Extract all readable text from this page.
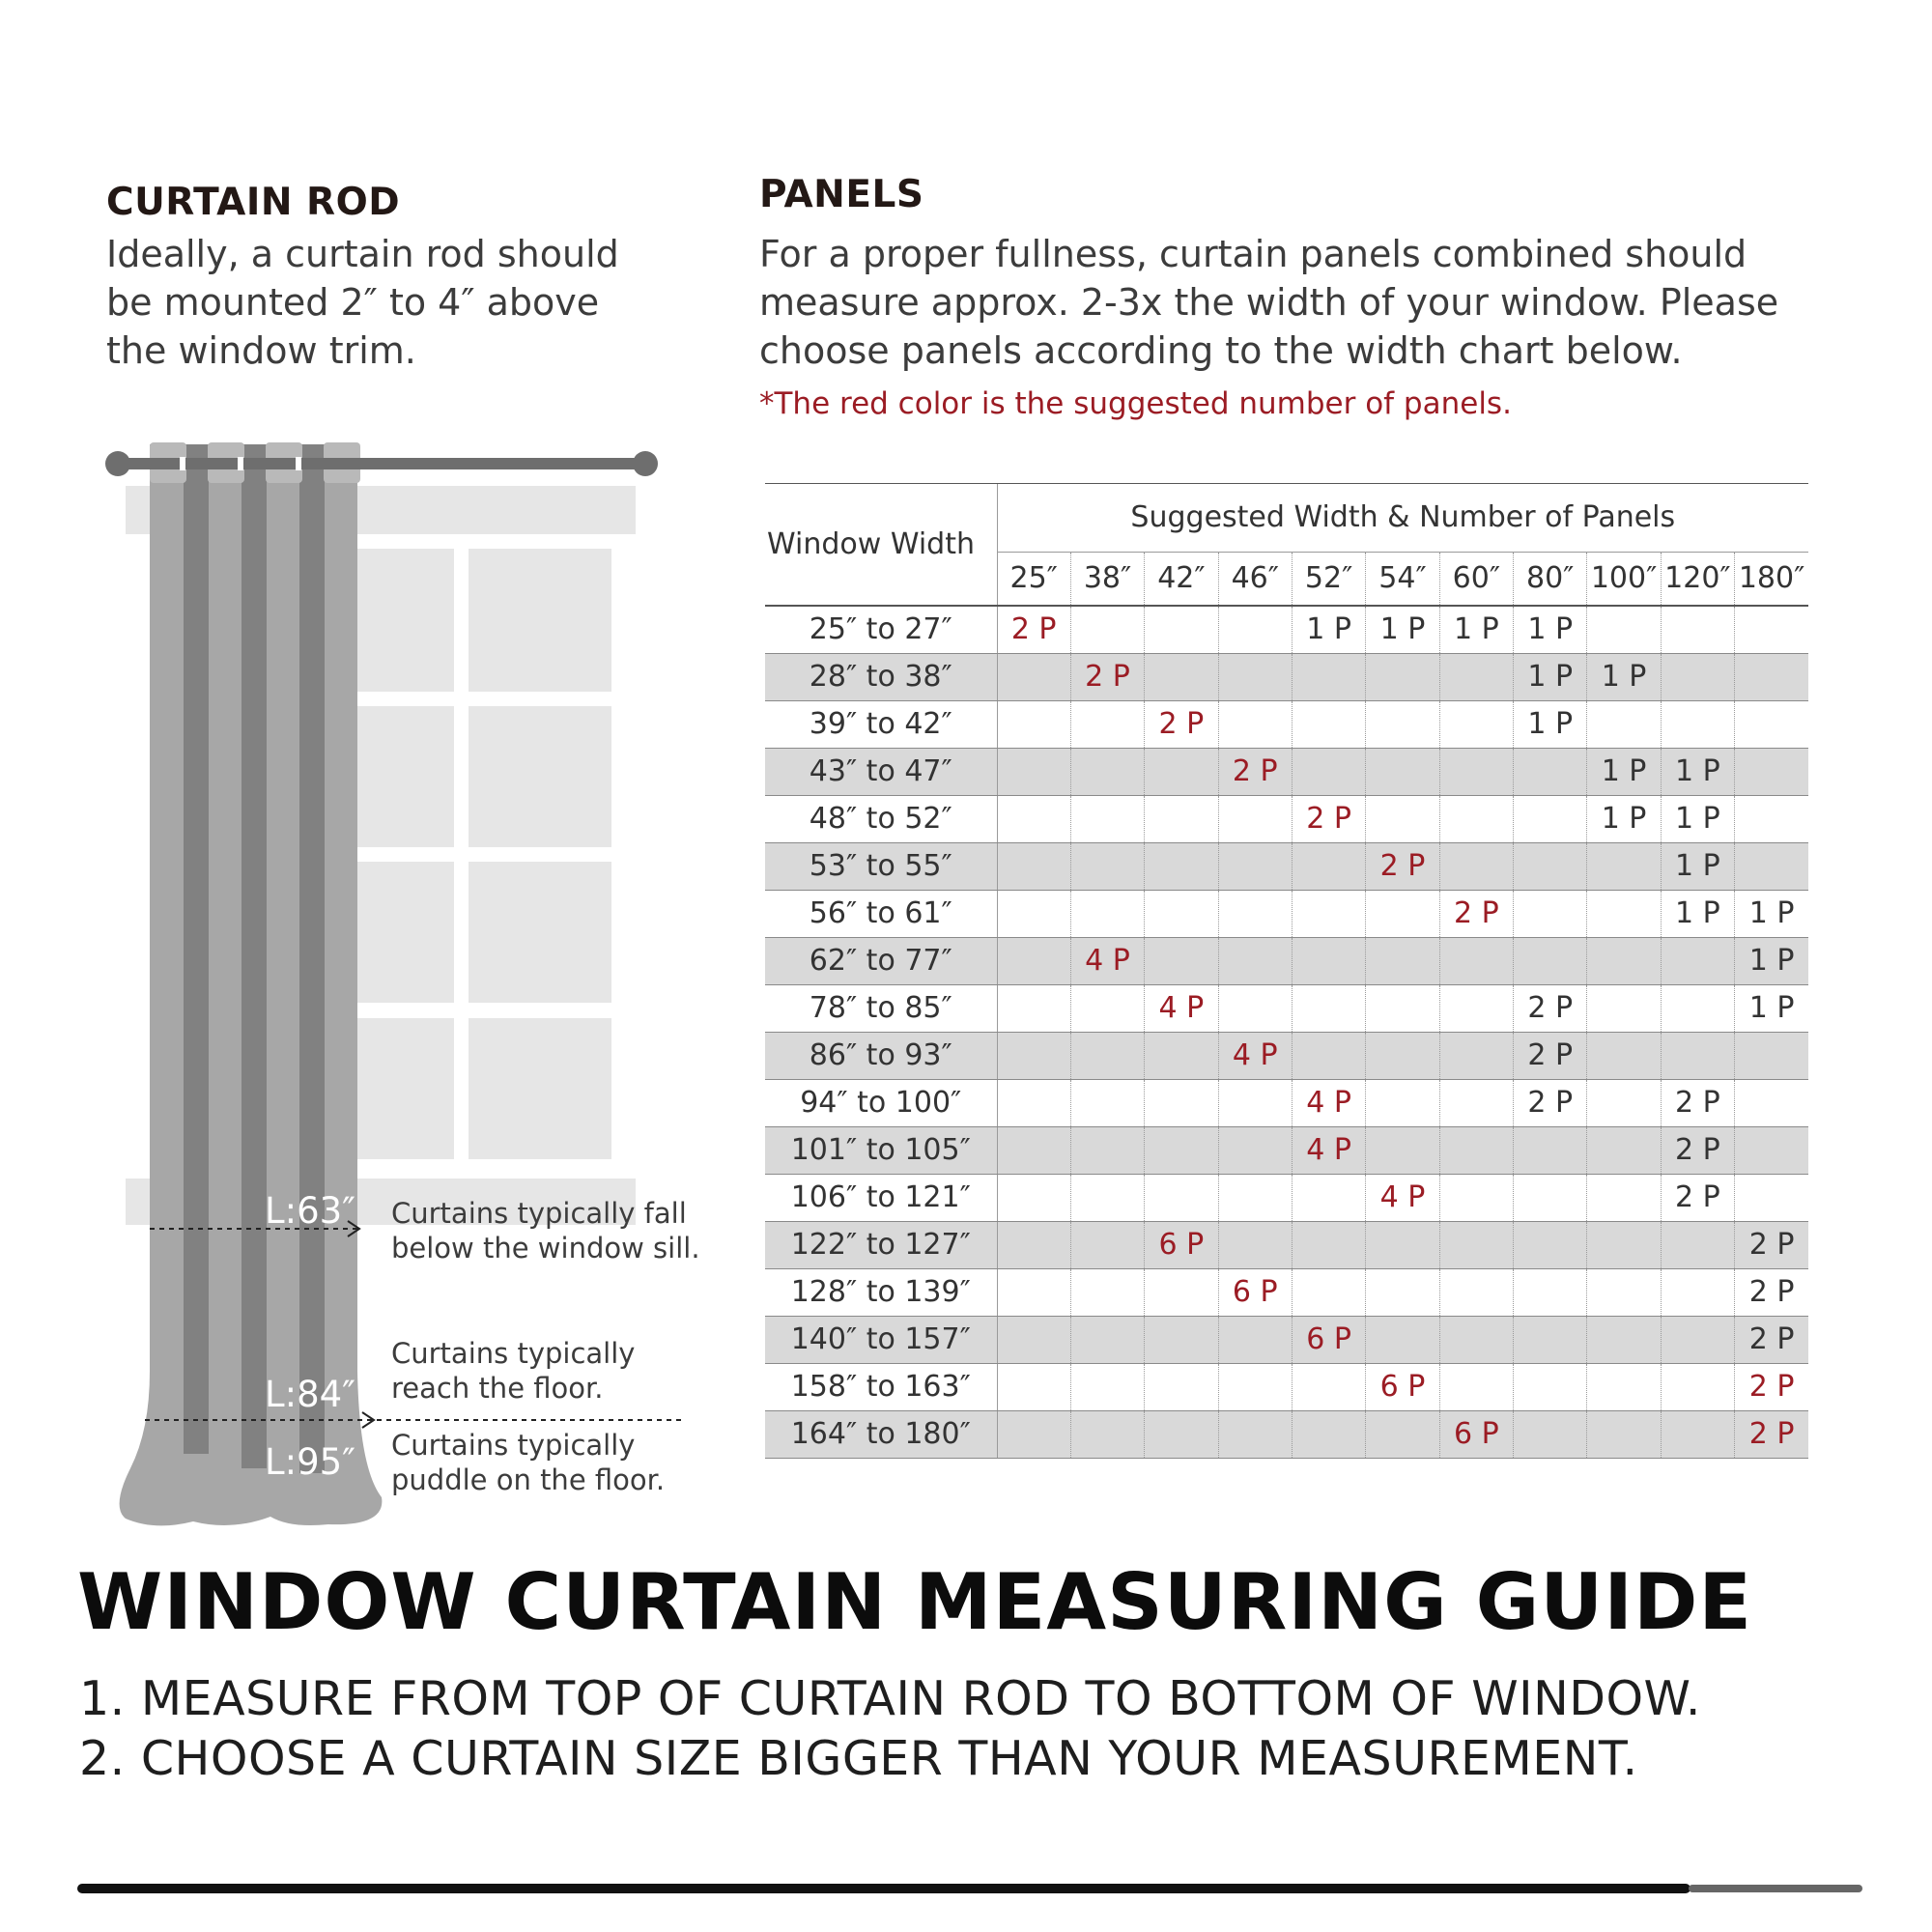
CURTAIN ROD
Ideally, a curtain rod should be mounted 2″ to 4″ above the window trim.
PANELS
For a proper fullness, curtain panels combined should measure approx. 2-3x the width of your window. Please choose panels according to the width chart below.
*The red color is the suggested number of panels.
L:63″
L:84″
L:95″
Curtains typically fall
below the window sill.
Curtains typically
reach the floor.
Curtains typically
puddle on the floor.
Window Width	Suggested Width & Number of Panels										
	25″	38″	42″	46″	52″	54″	60″	80″	100″	120″	180″
25″ to 27″	2 P				1 P	1 P	1 P	1 P			
28″ to 38″		2 P						1 P	1 P		
39″ to 42″			2 P					1 P			
43″ to 47″				2 P					1 P	1 P	
48″ to 52″					2 P				1 P	1 P	
53″ to 55″						2 P				1 P	
56″ to 61″							2 P			1 P	1 P
62″ to 77″		4 P									1 P
78″ to 85″			4 P					2 P			1 P
86″ to 93″				4 P				2 P			
94″ to 100″					4 P			2 P		2 P	
101″ to 105″					4 P					2 P	
106″ to 121″						4 P				2 P	
122″ to 127″			6 P								2 P
128″ to 139″				6 P							2 P
140″ to 157″					6 P						2 P
158″ to 163″						6 P					2 P
164″ to 180″							6 P				2 P
WINDOW CURTAIN MEASURING GUIDE
1. MEASURE FROM TOP OF CURTAIN ROD TO BOTTOM OF WINDOW.
2. CHOOSE A CURTAIN SIZE BIGGER THAN YOUR MEASUREMENT.
